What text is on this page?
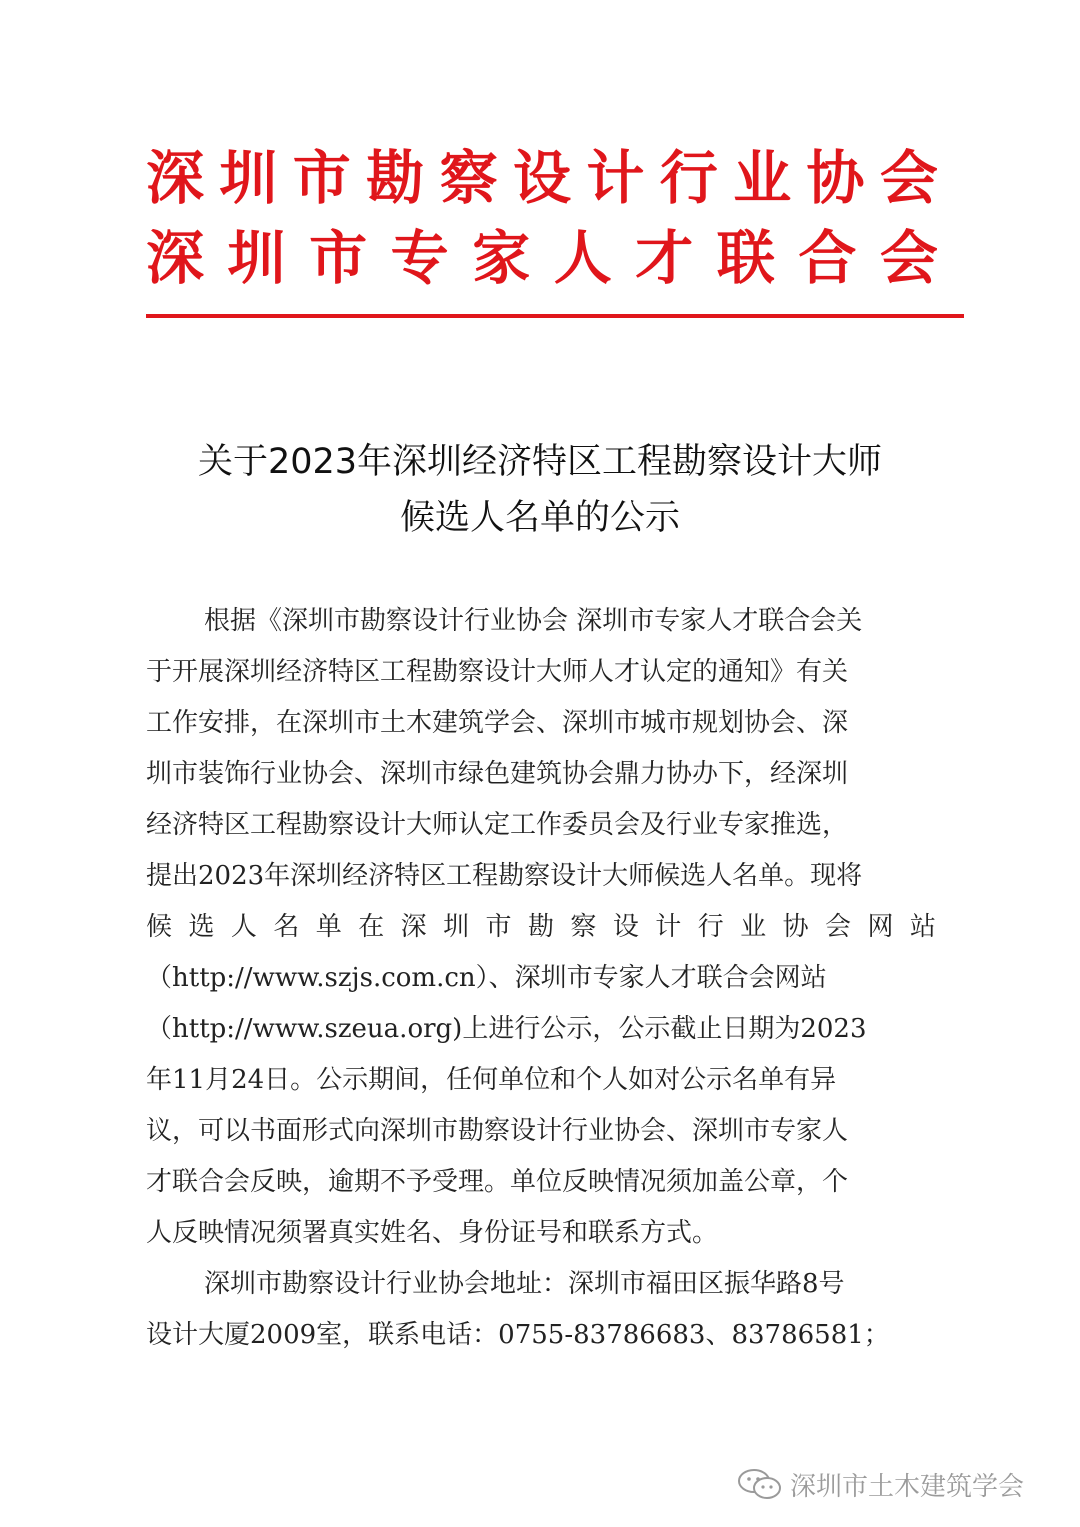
深 圳 市 勘 察 设 计 行 业 协 会
深 圳 市 专 家 人 才 联 合 会
关于2023年深圳经济特区工程勘察设计大师
候选人名单的公示
根据《深圳市勘察设计行业协会 深圳市专家人才联合会关
于开展深圳经济特区工程勘察设计大师人才认定的通知》有关
工作安排，在深圳市土木建筑学会、深圳市城市规划协会、深
圳市装饰行业协会、深圳市绿色建筑协会鼎力协办下，经深圳
经济特区工程勘察设计大师认定工作委员会及行业专家推选，
提出2023年深圳经济特区工程勘察设计大师候选人名单。现将
候 选 人 名 单 在 深 圳 市 勘 察 设 计 行 业 协 会 网 站
（http://www.szjs.com.cn）、深圳市专家人才联合会网站
（http://www.szeua.org)上进行公示，公示截止日期为2023
年11月24日。公示期间，任何单位和个人如对公示名单有异
议，可以书面形式向深圳市勘察设计行业协会、深圳市专家人
才联合会反映，逾期不予受理。单位反映情况须加盖公章，个
人反映情况须署真实姓名、身份证号和联系方式。
深圳市勘察设计行业协会地址：深圳市福田区振华路8号
设计大厦2009室，联系电话：0755-83786683、83786581；
深圳市土木建筑学会
